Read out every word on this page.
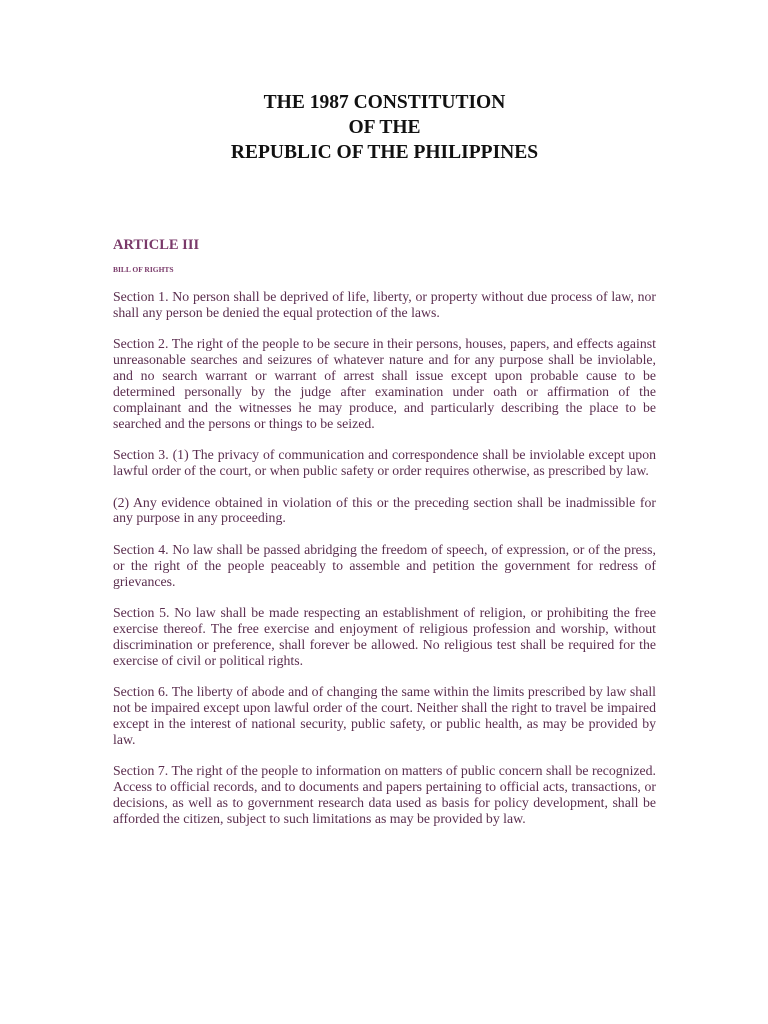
THE 1987 CONSTITUTION
OF THE
REPUBLIC OF THE PHILIPPINES
ARTICLE III
BILL OF RIGHTS

Section 1. No person shall be deprived of life, liberty, or property without due process of law, nor shall any person be denied the equal protection of the laws.

Section 2. The right of the people to be secure in their persons, houses, papers, and effects against unreasonable searches and seizures of whatever nature and for any purpose shall be inviolable, and no search warrant or warrant of arrest shall issue except upon probable cause to be determined personally by the judge after examination under oath or affirmation of the complainant and the witnesses he may produce, and particularly describing the place to be searched and the persons or things to be seized.

Section 3. (1) The privacy of communication and correspondence shall be inviolable except upon lawful order of the court, or when public safety or order requires otherwise, as prescribed by law.

(2) Any evidence obtained in violation of this or the preceding section shall be inadmissible for any purpose in any proceeding.

Section 4. No law shall be passed abridging the freedom of speech, of expression, or of the press, or the right of the people peaceably to assemble and petition the government for redress of grievances.

Section 5. No law shall be made respecting an establishment of religion, or prohibiting the free exercise thereof. The free exercise and enjoyment of religious profession and worship, without discrimination or preference, shall forever be allowed. No religious test shall be required for the exercise of civil or political rights.

Section 6. The liberty of abode and of changing the same within the limits prescribed by law shall not be impaired except upon lawful order of the court. Neither shall the right to travel be impaired except in the interest of national security, public safety, or public health, as may be provided by law.

Section 7. The right of the people to information on matters of public concern shall be recognized. Access to official records, and to documents and papers pertaining to official acts, transactions, or decisions, as well as to government research data used as basis for policy development, shall be afforded the citizen, subject to such limitations as may be provided by law.
